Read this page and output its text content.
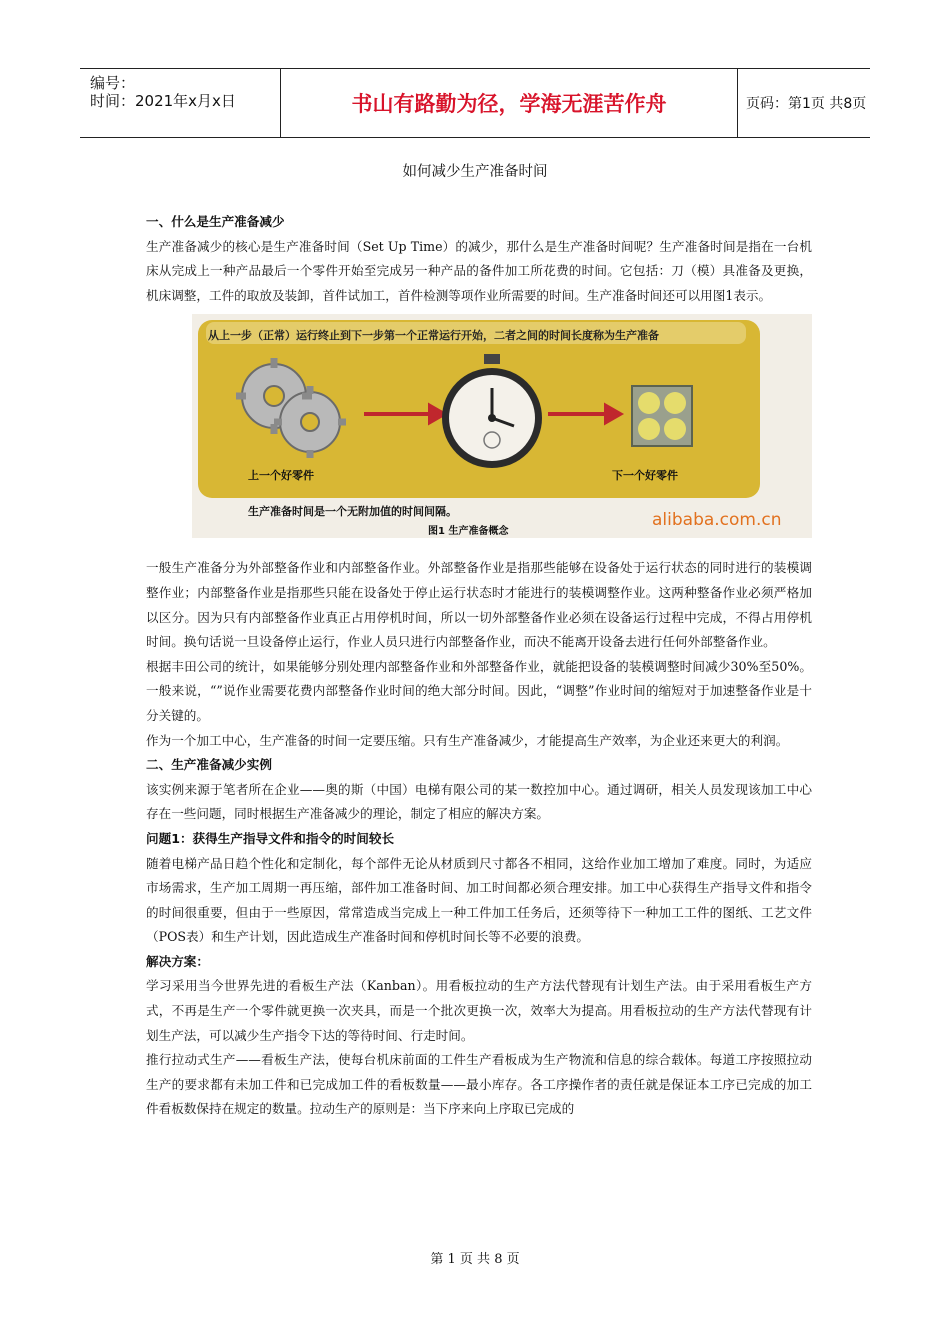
编号：
时间：2021年x月x日	书山有路勤为径，学海无涯苦作舟	页码：第1页 共8页
如何减少生产准备时间
一、什么是生产准备减少

生产准备减少的核心是生产准备时间（Set Up Time）的减少，那什么是生产准备时间呢？生产准备时间是指在一台机床从完成上一种产品最后一个零件开始至完成另一种产品的备件加工所花费的时间。它包括：刀（模）具准备及更换，机床调整，工件的取放及装卸，首件试加工，首件检测等项作业所需要的时间。生产准备时间还可以用图1表示。

从上一步（正常）运行终止到下一步第一个正常运行开始，二者之间的时间长度称为生产准备
上一个好零件	下一个好零件
生产准备时间是一个无附加值的时间间隔。
图1 生产准备概念
alibaba.com.cn

一般生产准备分为外部整备作业和内部整备作业。外部整备作业是指那些能够在设备处于运行状态的同时进行的装模调整作业；内部整备作业是指那些只能在设备处于停止运行状态时才能进行的装模调整作业。这两种整备作业必须严格加以区分。因为只有内部整备作业真正占用停机时间，所以一切外部整备作业必须在设备运行过程中完成，不得占用停机时间。换句话说一旦设备停止运行，作业人员只进行内部整备作业，而决不能离开设备去进行任何外部整备作业。

根据丰田公司的统计，如果能够分别处理内部整备作业和外部整备作业，就能把设备的装模调整时间减少30%至50%。一般来说，“”说作业需要花费内部整备作业时间的绝大部分时间。因此，“调整”作业时间的缩短对于加速整备作业是十分关键的。

作为一个加工中心，生产准备的时间一定要压缩。只有生产准备减少，才能提高生产效率，为企业还来更大的利润。

二、生产准备减少实例

该实例来源于笔者所在企业——奥的斯（中国）电梯有限公司的某一数控加中心。通过调研，相关人员发现该加工中心存在一些问题，同时根据生产准备减少的理论，制定了相应的解决方案。

问题1：获得生产指导文件和指令的时间较长

随着电梯产品日趋个性化和定制化，每个部件无论从材质到尺寸都各不相同，这给作业加工增加了难度。同时，为适应市场需求，生产加工周期一再压缩，部件加工准备时间、加工时间都必须合理安排。加工中心获得生产指导文件和指令的时间很重要，但由于一些原因，常常造成当完成上一种工件加工任务后，还须等待下一种加工工件的图纸、工艺文件（POS表）和生产计划，因此造成生产准备时间和停机时间长等不必要的浪费。

解决方案：

学习采用当今世界先进的看板生产法（Kanban）。用看板拉动的生产方法代替现有计划生产法。由于采用看板生产方式，不再是生产一个零件就更换一次夹具，而是一个批次更换一次，效率大为提高。用看板拉动的生产方法代替现有计划生产法，可以减少生产指令下达的等待时间、行走时间。

推行拉动式生产——看板生产法，使每台机床前面的工件生产看板成为生产物流和信息的综合载体。每道工序按照拉动生产的要求都有未加工件和已完成加工件的看板数量——最小库存。各工序操作者的责任就是保证本工序已完成的加工件看板数保持在规定的数量。拉动生产的原则是：当下序来向上序取已完成的

第 1 页 共 8 页
